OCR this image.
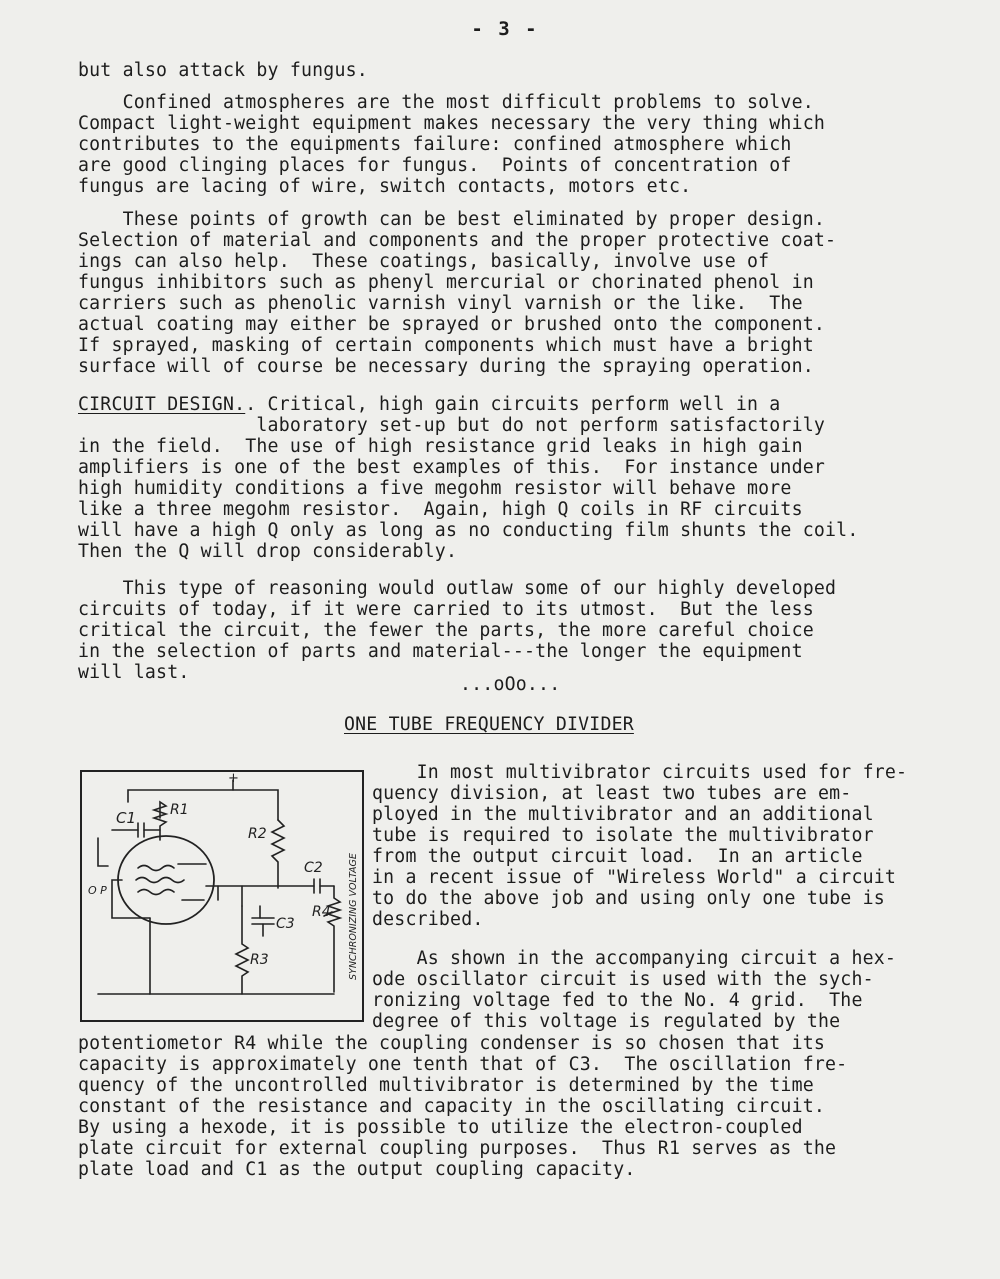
- 3 -
but also attack by fungus.
Confined atmospheres are the most difficult problems to solve.
Compact light-weight equipment makes necessary the very thing which
contributes to the equipments failure: confined atmosphere which
are good clinging places for fungus.  Points of concentration of
fungus are lacing of wire, switch contacts, motors etc.
These points of growth can be best eliminated by proper design.
Selection of material and components and the proper protective coat-
ings can also help.  These coatings, basically, involve use of
fungus inhibitors such as phenyl mercurial or chorinated phenol in
carriers such as phenolic varnish vinyl varnish or the like.  The
actual coating may either be sprayed or brushed onto the component.
If sprayed, masking of certain components which must have a bright
surface will of course be necessary during the spraying operation.
CIRCUIT DESIGN.. Critical, high gain circuits perform well in a
laboratory set-up but do not perform satisfactorily
in the field.  The use of high resistance grid leaks in high gain
amplifiers is one of the best examples of this.  For instance under
high humidity conditions a five megohm resistor will behave more
like a three megohm resistor.  Again, high Q coils in RF circuits
will have a high Q only as long as no conducting film shunts the coil.
Then the Q will drop considerably.
This type of reasoning would outlaw some of our highly developed
circuits of today, if it were carried to its utmost.  But the less
critical the circuit, the fewer the parts, the more careful choice
in the selection of parts and material---the longer the equipment
will last.
...oOo...
ONE TUBE FREQUENCY DIVIDER
C1 R1
R2
C2
R4
C3
R3
O P
+
SYNCHRONIZING VOLTAGE
In most multivibrator circuits used for fre-
quency division, at least two tubes are em-
ployed in the multivibrator and an additional
tube is required to isolate the multivibrator
from the output circuit load.  In an article
in a recent issue of "Wireless World" a circuit
to do the above job and using only one tube is
described.
As shown in the accompanying circuit a hex-
ode oscillator circuit is used with the sych-
ronizing voltage fed to the No. 4 grid.  The
degree of this voltage is regulated by the
potentiometor R4 while the coupling condenser is so chosen that its
capacity is approximately one tenth that of C3.  The oscillation fre-
quency of the uncontrolled multivibrator is determined by the time
constant of the resistance and capacity in the oscillating circuit.
By using a hexode, it is possible to utilize the electron-coupled
plate circuit for external coupling purposes.  Thus R1 serves as the
plate load and C1 as the output coupling capacity.
